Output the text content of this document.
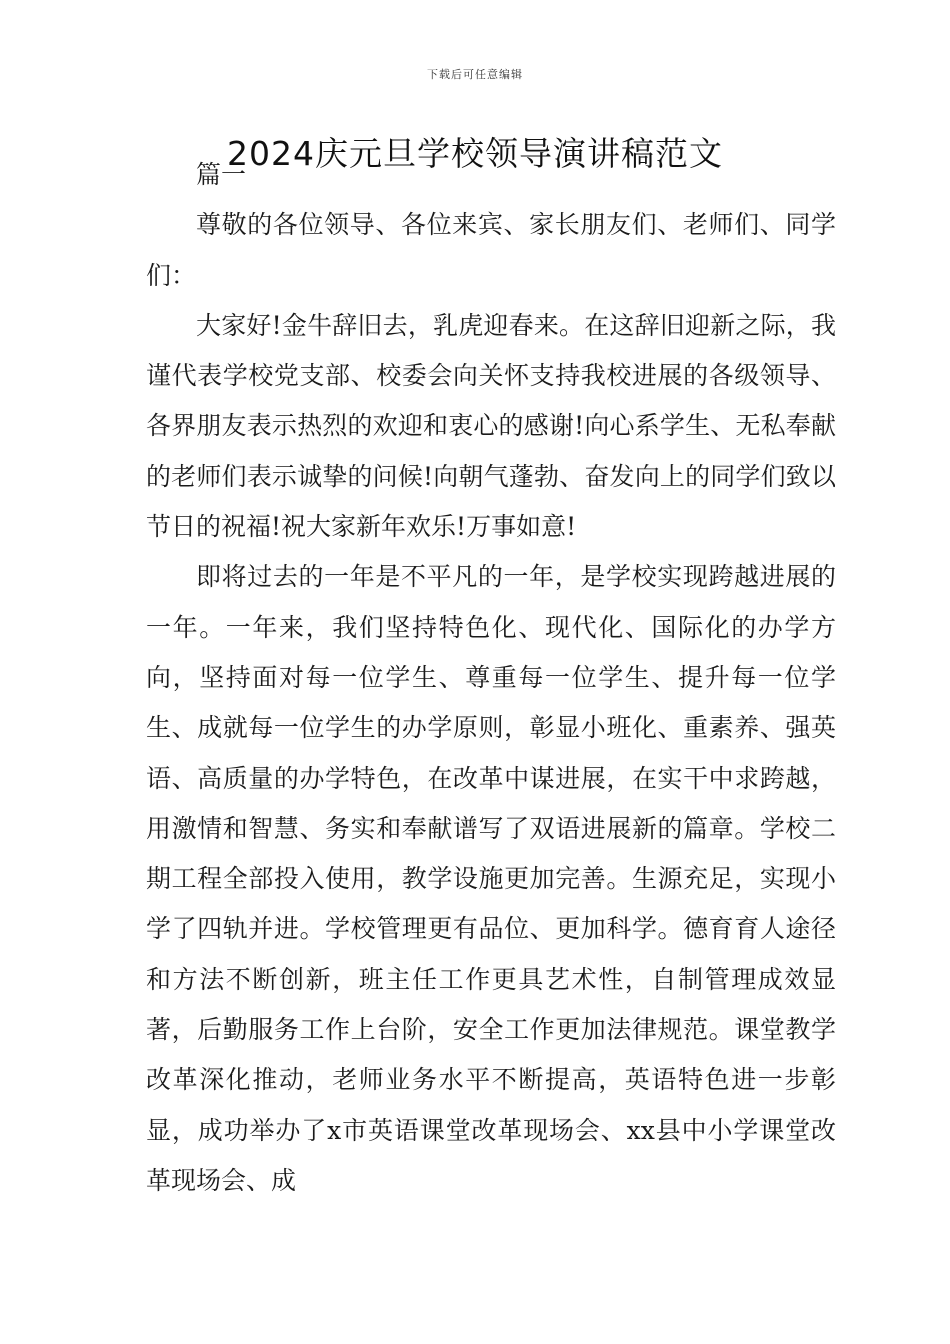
下载后可任意编辑
2024庆元旦学校领导演讲稿范文

篇一

尊敬的各位领导、各位来宾、家长朋友们、老师们、同学们：

大家好!金牛辞旧去，乳虎迎春来。在这辞旧迎新之际，我谨代表学校党支部、校委会向关怀支持我校进展的各级领导、各界朋友表示热烈的欢迎和衷心的感谢!向心系学生、无私奉献的老师们表示诚挚的问候!向朝气蓬勃、奋发向上的同学们致以节日的祝福!祝大家新年欢乐!万事如意!

即将过去的一年是不平凡的一年，是学校实现跨越进展的一年。一年来，我们坚持特色化、现代化、国际化的办学方向，坚持面对每一位学生、尊重每一位学生、提升每一位学生、成就每一位学生的办学原则，彰显小班化、重素养、强英语、高质量的办学特色，在改革中谋进展，在实干中求跨越，用激情和智慧、务实和奉献谱写了双语进展新的篇章。学校二期工程全部投入使用，教学设施更加完善。生源充足，实现小学了四轨并进。学校管理更有品位、更加科学。德育育人途径和方法不断创新，班主任工作更具艺术性，自制管理成效显著，后勤服务工作上台阶，安全工作更加法律规范。课堂教学改革深化推动，老师业务水平不断提高，英语特色进一步彰显，成功举办了x市英语课堂改革现场会、xx县中小学课堂改革现场会、成
